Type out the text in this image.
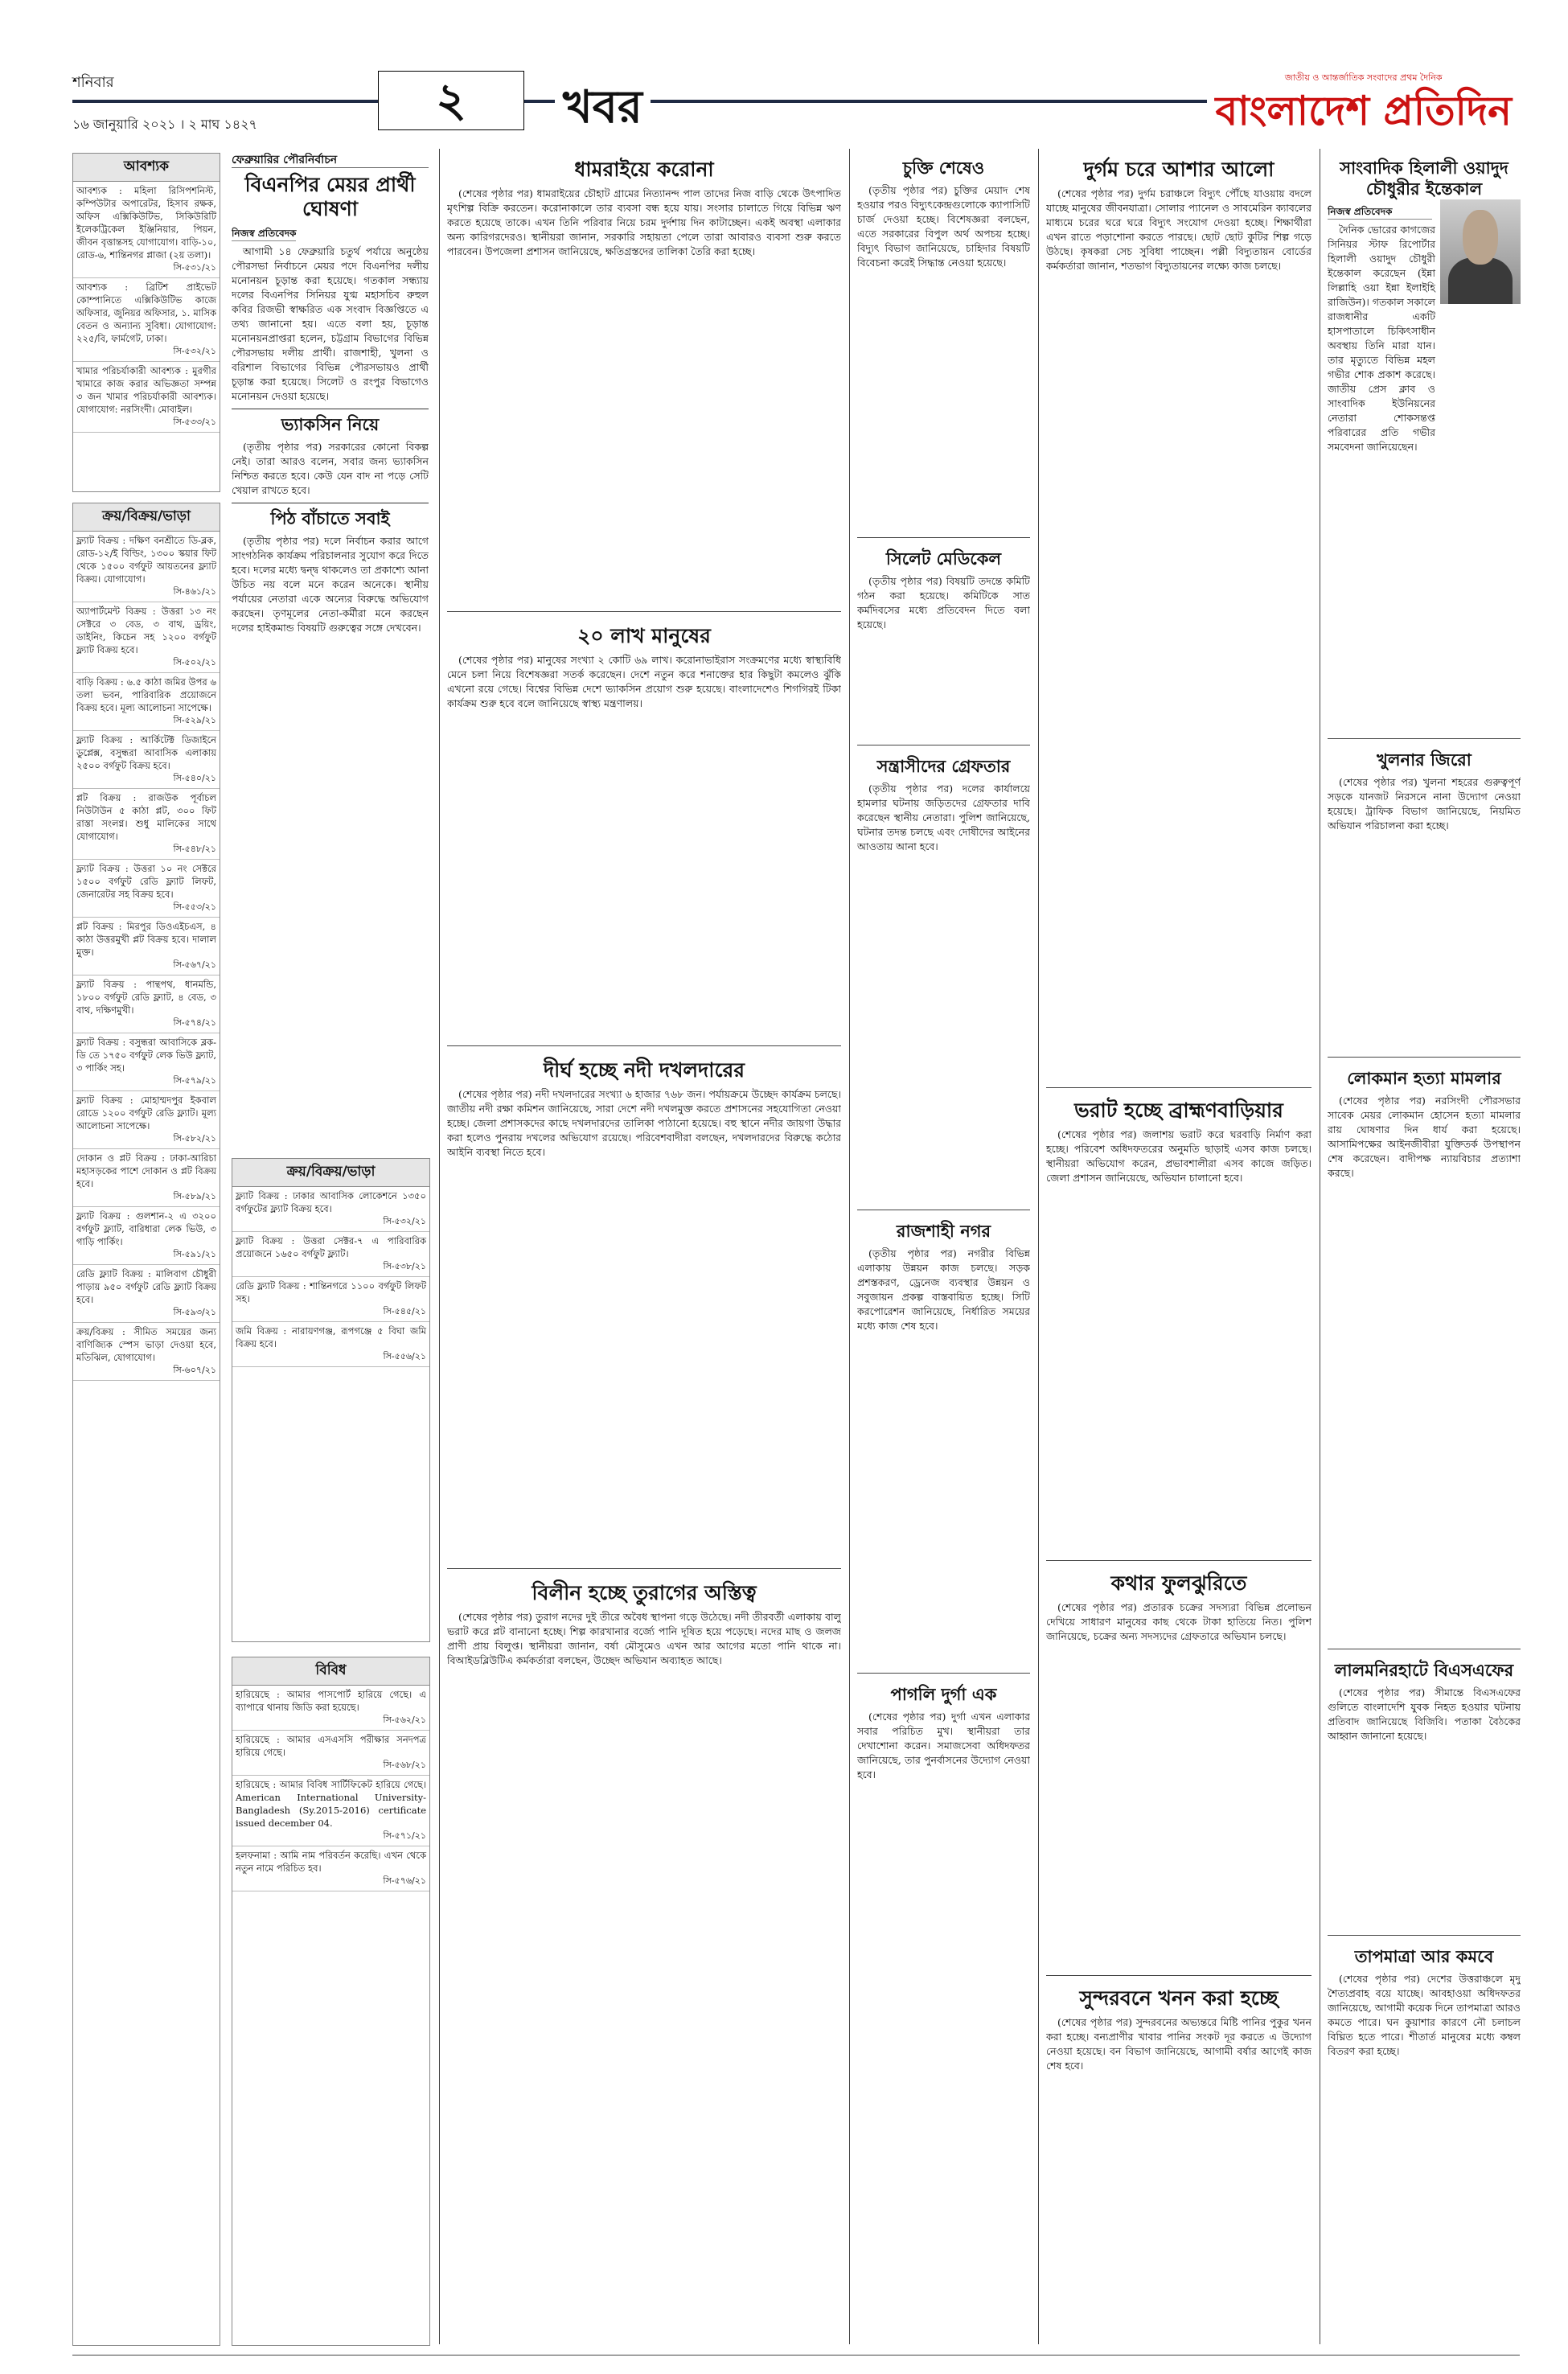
শনিবার
১৬ জানুয়ারি ২০২১ । ২ মাঘ ১৪২৭	২	খবর
জাতীয় ও আন্তর্জাতিক সংবাদের প্রথম দৈনিক
বাংলাদেশ প্রতিদিন
আবশ্যক
আবশ্যক : মহিলা রিসিপশনিস্ট, কম্পিউটার অপারেটর, হিসাব রক্ষক, অফিস এক্সিকিউটিভ, সিকিউরিটি ইলেকট্রিকেল ইঞ্জিনিয়ার, পিয়ন, জীবন বৃত্তান্তসহ যোগাযোগ। বাড়ি-১০, রোড-৬, শান্তিনগর প্লাজা (২য় তলা)।
সি-৫৩১/২১
আবশ্যক : ব্রিটিশ প্রাইভেট কোম্পানিতে এক্সিকিউটিভ কাজে অফিসার, জুনিয়র অফিসার, ১. মাসিক বেতন ও অন্যান্য সুবিধা। যোগাযোগ: ২২৫/বি, ফার্মগেট, ঢাকা।
সি-৫৩২/২১
খামার পরিচর্যাকারী আবশ্যক : মুরগীর খামারে কাজ করার অভিজ্ঞতা সম্পন্ন ৩ জন খামার পরিচর্যাকারী আবশ্যক। যোগাযোগ: নরসিংদী। মোবাইল।
সি-৫৩৩/২১
ক্রয়/বিক্রয়/ভাড়া
ফ্ল্যাট বিক্রয় : দক্ষিণ বনশ্রীতে ডি-ব্লক, রোড-১২/ই বিল্ডিং, ১৩০০ স্কয়ার ফিট থেকে ১৫০০ বর্গফুট আয়তনের ফ্ল্যাট বিক্রয়। যোগাযোগ।
সি-৪৬১/২১
অ্যাপার্টমেন্ট বিক্রয় : উত্তরা ১৩ নং সেক্টরে ৩ বেড, ৩ বাথ, ড্রয়িং, ডাইনিং, কিচেন সহ ১২০০ বর্গফুট ফ্ল্যাট বিক্রয় হবে।
সি-৫০২/২১
বাড়ি বিক্রয় : ৬.৫ কাঠা জমির উপর ৬ তলা ভবন, পারিবারিক প্রয়োজনে বিক্রয় হবে। মূল্য আলোচনা সাপেক্ষে।
সি-৫২৯/২১
ফ্ল্যাট বিক্রয় : আর্কিটেক্ট ডিজাইনে ডুপ্লেক্স, বসুন্ধরা আবাসিক এলাকায় ২৫০০ বর্গফুট বিক্রয় হবে।
সি-৫৪০/২১
প্লট বিক্রয় : রাজউক পূর্বাচল নিউটাউন ৫ কাঠা প্লট, ৩০০ ফিট রাস্তা সংলগ্ন। শুধু মালিকের সাথে যোগাযোগ।
সি-৫৪৮/২১
ফ্ল্যাট বিক্রয় : উত্তরা ১০ নং সেক্টরে ১৫০০ বর্গফুট রেডি ফ্ল্যাট লিফট, জেনারেটর সহ বিক্রয় হবে।
সি-৫৫৩/২১
প্লট বিক্রয় : মিরপুর ডিওএইচএস, ৪ কাঠা উত্তরমুখী প্লট বিক্রয় হবে। দালাল মুক্ত।
সি-৫৬৭/২১
ফ্ল্যাট বিক্রয় : পান্থপথ, ধানমন্ডি, ১৮০০ বর্গফুট রেডি ফ্ল্যাট, ৪ বেড, ৩ বাথ, দক্ষিণমুখী।
সি-৫৭৪/২১
ফ্ল্যাট বিক্রয় : বসুন্ধরা আবাসিকে ব্লক-ডি তে ১৭৫০ বর্গফুট লেক ভিউ ফ্ল্যাট, ৩ পার্কিং সহ।
সি-৫৭৯/২১
ফ্ল্যাট বিক্রয় : মোহাম্মদপুর ইকবাল রোডে ১২০০ বর্গফুট রেডি ফ্ল্যাট। মূল্য আলোচনা সাপেক্ষে।
সি-৫৮২/২১
দোকান ও প্লট বিক্রয় : ঢাকা-আরিচা মহাসড়কের পাশে দোকান ও প্লট বিক্রয় হবে।
সি-৫৮৯/২১
ফ্ল্যাট বিক্রয় : গুলশান-২ এ ৩২০০ বর্গফুট ফ্ল্যাট, বারিধারা লেক ভিউ, ৩ গাড়ি পার্কিং।
সি-৫৯১/২১
রেডি ফ্ল্যাট বিক্রয় : মালিবাগ চৌধুরী পাড়ায় ৯৫০ বর্গফুট রেডি ফ্ল্যাট বিক্রয় হবে।
সি-৫৯৩/২১
ক্রয়/বিক্রয় : সীমিত সময়ের জন্য বাণিজ্যিক স্পেস ভাড়া দেওয়া হবে, মতিঝিল, যোগাযোগ।
সি-৬০৭/২১
ফেব্রুয়ারির পৌরনির্বাচন
বিএনপির মেয়র প্রার্থী ঘোষণা
নিজস্ব প্রতিবেদক

আগামী ১৪ ফেব্রুয়ারি চতুর্থ পর্যায়ে অনুষ্ঠেয় পৌরসভা নির্বাচনে মেয়র পদে বিএনপির দলীয় মনোনয়ন চূড়ান্ত করা হয়েছে। গতকাল সন্ধ্যায় দলের বিএনপির সিনিয়র যুগ্ম মহাসচিব রুহুল কবির রিজভী স্বাক্ষরিত এক সংবাদ বিজ্ঞপ্তিতে এ তথ্য জানানো হয়। এতে বলা হয়, চূড়ান্ত মনোনয়নপ্রাপ্তরা হলেন, চট্টগ্রাম বিভাগের বিভিন্ন পৌরসভায় দলীয় প্রার্থী। রাজশাহী, খুলনা ও বরিশাল বিভাগের বিভিন্ন পৌরসভায়ও প্রার্থী চূড়ান্ত করা হয়েছে। সিলেট ও রংপুর বিভাগেও মনোনয়ন দেওয়া হয়েছে।

ভ্যাকসিন নিয়ে

(তৃতীয় পৃষ্ঠার পর) সরকারের কোনো বিকল্প নেই। তারা আরও বলেন, সবার জন্য ভ্যাকসিন নিশ্চিত করতে হবে। কেউ যেন বাদ না পড়ে সেটি খেয়াল রাখতে হবে।

পিঠ বাঁচাতে সবাই

(তৃতীয় পৃষ্ঠার পর) দলে নির্বাচন করার আগে সাংগঠনিক কার্যক্রম পরিচালনার সুযোগ করে দিতে হবে। দলের মধ্যে দ্বন্দ্ব থাকলেও তা প্রকাশ্যে আনা উচিত নয় বলে মনে করেন অনেকে। স্থানীয় পর্যায়ের নেতারা একে অন্যের বিরুদ্ধে অভিযোগ করছেন। তৃণমূলের নেতা-কর্মীরা মনে করছেন দলের হাইকমান্ড বিষয়টি গুরুত্বের সঙ্গে দেখবেন।

ক্রয়/বিক্রয়/ভাড়া
ফ্ল্যাট বিক্রয় : ঢাকার আবাসিক লোকেশনে ১৩৫০ বর্গফুটের ফ্ল্যাট বিক্রয় হবে।
সি-৫৩২/২১
ফ্ল্যাট বিক্রয় : উত্তরা সেক্টর-৭ এ পারিবারিক প্রয়োজনে ১৬৫০ বর্গফুট ফ্ল্যাট।
সি-৫৩৮/২১
রেডি ফ্ল্যাট বিক্রয় : শান্তিনগরে ১১০০ বর্গফুট লিফট সহ।
সি-৫৪৫/২১
জমি বিক্রয় : নারায়ণগঞ্জ, রূপগঞ্জে ৫ বিঘা জমি বিক্রয় হবে।
সি-৫৫৬/২১
বিবিধ
হারিয়েছে : আমার পাসপোর্ট হারিয়ে গেছে। এ ব্যাপারে থানায় জিডি করা হয়েছে।
সি-৫৬২/২১
হারিয়েছে : আমার এসএসসি পরীক্ষার সনদপত্র হারিয়ে গেছে।
সি-৫৬৮/২১
হারিয়েছে : আমার বিবিধ সার্টিফিকেট হারিয়ে গেছে। American International University-Bangladesh (Sy.2015-2016) certificate issued december 04.
সি-৫৭১/২১
হলফনামা : আমি নাম পরিবর্তন করেছি। এখন থেকে নতুন নামে পরিচিত হব।
সি-৫৭৬/২১
ধামরাইয়ে করোনা

(শেষের পৃষ্ঠার পর) ধামরাইয়ের চৌহাট গ্রামের নিত্যানন্দ পাল তাদের নিজ বাড়ি থেকে উৎপাদিত মৃৎশিল্প বিক্রি করতেন। করোনাকালে তার ব্যবসা বন্ধ হয়ে যায়। সংসার চালাতে গিয়ে বিভিন্ন ঋণ করতে হয়েছে তাকে। এখন তিনি পরিবার নিয়ে চরম দুর্দশায় দিন কাটাচ্ছেন। একই অবস্থা এলাকার অন্য কারিগরদেরও। স্থানীয়রা জানান, সরকারি সহায়তা পেলে তারা আবারও ব্যবসা শুরু করতে পারবেন। উপজেলা প্রশাসন জানিয়েছে, ক্ষতিগ্রস্তদের তালিকা তৈরি করা হচ্ছে।

২০ লাখ মানুষের

(শেষের পৃষ্ঠার পর) মানুষের সংখ্যা ২ কোটি ৬৯ লাখ। করোনাভাইরাস সংক্রমণের মধ্যে স্বাস্থ্যবিধি মেনে চলা নিয়ে বিশেষজ্ঞরা সতর্ক করেছেন। দেশে নতুন করে শনাক্তের হার কিছুটা কমলেও ঝুঁকি এখনো রয়ে গেছে। বিশ্বের বিভিন্ন দেশে ভ্যাকসিন প্রয়োগ শুরু হয়েছে। বাংলাদেশেও শিগগিরই টিকা কার্যক্রম শুরু হবে বলে জানিয়েছে স্বাস্থ্য মন্ত্রণালয়।

দীর্ঘ হচ্ছে নদী দখলদারের

(শেষের পৃষ্ঠার পর) নদী দখলদারের সংখ্যা ৬ হাজার ৭৬৮ জন। পর্যায়ক্রমে উচ্ছেদ কার্যক্রম চলছে। জাতীয় নদী রক্ষা কমিশন জানিয়েছে, সারা দেশে নদী দখলমুক্ত করতে প্রশাসনের সহযোগিতা নেওয়া হচ্ছে। জেলা প্রশাসকদের কাছে দখলদারদের তালিকা পাঠানো হয়েছে। বহু স্থানে নদীর জায়গা উদ্ধার করা হলেও পুনরায় দখলের অভিযোগ রয়েছে। পরিবেশবাদীরা বলছেন, দখলদারদের বিরুদ্ধে কঠোর আইনি ব্যবস্থা নিতে হবে।

বিলীন হচ্ছে তুরাগের অস্তিত্ব

(শেষের পৃষ্ঠার পর) তুরাগ নদের দুই তীরে অবৈধ স্থাপনা গড়ে উঠেছে। নদী তীরবর্তী এলাকায় বালু ভরাট করে প্লট বানানো হচ্ছে। শিল্প কারখানার বর্জ্যে পানি দূষিত হয়ে পড়েছে। নদের মাছ ও জলজ প্রাণী প্রায় বিলুপ্ত। স্থানীয়রা জানান, বর্ষা মৌসুমেও এখন আর আগের মতো পানি থাকে না। বিআইডব্লিউটিএ কর্মকর্তারা বলছেন, উচ্ছেদ অভিযান অব্যাহত আছে।

চুক্তি শেষেও

(তৃতীয় পৃষ্ঠার পর) চুক্তির মেয়াদ শেষ হওয়ার পরও বিদ্যুৎকেন্দ্রগুলোকে ক্যাপাসিটি চার্জ দেওয়া হচ্ছে। বিশেষজ্ঞরা বলছেন, এতে সরকারের বিপুল অর্থ অপচয় হচ্ছে। বিদ্যুৎ বিভাগ জানিয়েছে, চাহিদার বিষয়টি বিবেচনা করেই সিদ্ধান্ত নেওয়া হয়েছে।

সিলেট মেডিকেল

(তৃতীয় পৃষ্ঠার পর) বিষয়টি তদন্তে কমিটি গঠন করা হয়েছে। কমিটিকে সাত কর্মদিবসের মধ্যে প্রতিবেদন দিতে বলা হয়েছে।

সন্ত্রাসীদের গ্রেফতার

(তৃতীয় পৃষ্ঠার পর) দলের কার্যালয়ে হামলার ঘটনায় জড়িতদের গ্রেফতার দাবি করেছেন স্থানীয় নেতারা। পুলিশ জানিয়েছে, ঘটনার তদন্ত চলছে এবং দোষীদের আইনের আওতায় আনা হবে।

রাজশাহী নগর

(তৃতীয় পৃষ্ঠার পর) নগরীর বিভিন্ন এলাকায় উন্নয়ন কাজ চলছে। সড়ক প্রশস্তকরণ, ড্রেনেজ ব্যবস্থার উন্নয়ন ও সবুজায়ন প্রকল্প বাস্তবায়িত হচ্ছে। সিটি করপোরেশন জানিয়েছে, নির্ধারিত সময়ের মধ্যে কাজ শেষ হবে।

পাগলি দুর্গা এক

(শেষের পৃষ্ঠার পর) দুর্গা এখন এলাকার সবার পরিচিত মুখ। স্থানীয়রা তার দেখাশোনা করেন। সমাজসেবা অধিদফতর জানিয়েছে, তার পুনর্বাসনের উদ্যোগ নেওয়া হবে।

দুর্গম চরে আশার আলো

(শেষের পৃষ্ঠার পর) দুর্গম চরাঞ্চলে বিদ্যুৎ পৌঁছে যাওয়ায় বদলে যাচ্ছে মানুষের জীবনযাত্রা। সোলার প্যানেল ও সাবমেরিন ক্যাবলের মাধ্যমে চরের ঘরে ঘরে বিদ্যুৎ সংযোগ দেওয়া হচ্ছে। শিক্ষার্থীরা এখন রাতে পড়াশোনা করতে পারছে। ছোট ছোট কুটির শিল্প গড়ে উঠছে। কৃষকরা সেচ সুবিধা পাচ্ছেন। পল্লী বিদ্যুতায়ন বোর্ডের কর্মকর্তারা জানান, শতভাগ বিদ্যুতায়নের লক্ষ্যে কাজ চলছে।

ভরাট হচ্ছে ব্রাহ্মণবাড়িয়ার

(শেষের পৃষ্ঠার পর) জলাশয় ভরাট করে ঘরবাড়ি নির্মাণ করা হচ্ছে। পরিবেশ অধিদফতরের অনুমতি ছাড়াই এসব কাজ চলছে। স্থানীয়রা অভিযোগ করেন, প্রভাবশালীরা এসব কাজে জড়িত। জেলা প্রশাসন জানিয়েছে, অভিযান চালানো হবে।

কথার ফুলঝুরিতে

(শেষের পৃষ্ঠার পর) প্রতারক চক্রের সদস্যরা বিভিন্ন প্রলোভন দেখিয়ে সাধারণ মানুষের কাছ থেকে টাকা হাতিয়ে নিত। পুলিশ জানিয়েছে, চক্রের অন্য সদস্যদের গ্রেফতারে অভিযান চলছে।

সুন্দরবনে খনন করা হচ্ছে

(শেষের পৃষ্ঠার পর) সুন্দরবনের অভ্যন্তরে মিষ্টি পানির পুকুর খনন করা হচ্ছে। বন্যপ্রাণীর খাবার পানির সংকট দূর করতে এ উদ্যোগ নেওয়া হয়েছে। বন বিভাগ জানিয়েছে, আগামী বর্ষার আগেই কাজ শেষ হবে।

সাংবাদিক হিলালী ওয়াদুদ চৌধুরীর ইন্তেকাল
নিজস্ব প্রতিবেদক

দৈনিক ভোরের কাগজের সিনিয়র স্টাফ রিপোর্টার হিলালী ওয়াদুদ চৌধুরী ইন্তেকাল করেছেন (ইন্না লিল্লাহি ওয়া ইন্না ইলাইহি রাজিউন)। গতকাল সকালে রাজধানীর একটি হাসপাতালে চিকিৎসাধীন অবস্থায় তিনি মারা যান। তার মৃত্যুতে বিভিন্ন মহল গভীর শোক প্রকাশ করেছে। জাতীয় প্রেস ক্লাব ও সাংবাদিক ইউনিয়নের নেতারা শোকসন্তপ্ত পরিবারের প্রতি গভীর সমবেদনা জানিয়েছেন।

খুলনার জিরো

(শেষের পৃষ্ঠার পর) খুলনা শহরের গুরুত্বপূর্ণ সড়কে যানজট নিরসনে নানা উদ্যোগ নেওয়া হয়েছে। ট্রাফিক বিভাগ জানিয়েছে, নিয়মিত অভিযান পরিচালনা করা হচ্ছে।

লোকমান হত্যা মামলার

(শেষের পৃষ্ঠার পর) নরসিংদী পৌরসভার সাবেক মেয়র লোকমান হোসেন হত্যা মামলার রায় ঘোষণার দিন ধার্য করা হয়েছে। আসামিপক্ষের আইনজীবীরা যুক্তিতর্ক উপস্থাপন শেষ করেছেন। বাদীপক্ষ ন্যায়বিচার প্রত্যাশা করছে।

লালমনিরহাটে বিএসএফের

(শেষের পৃষ্ঠার পর) সীমান্তে বিএসএফের গুলিতে বাংলাদেশি যুবক নিহত হওয়ার ঘটনায় প্রতিবাদ জানিয়েছে বিজিবি। পতাকা বৈঠকের আহ্বান জানানো হয়েছে।

তাপমাত্রা আর কমবে

(শেষের পৃষ্ঠার পর) দেশের উত্তরাঞ্চলে মৃদু শৈত্যপ্রবাহ বয়ে যাচ্ছে। আবহাওয়া অধিদফতর জানিয়েছে, আগামী কয়েক দিনে তাপমাত্রা আরও কমতে পারে। ঘন কুয়াশার কারণে নৌ চলাচল বিঘ্নিত হতে পারে। শীতার্ত মানুষের মধ্যে কম্বল বিতরণ করা হচ্ছে।
